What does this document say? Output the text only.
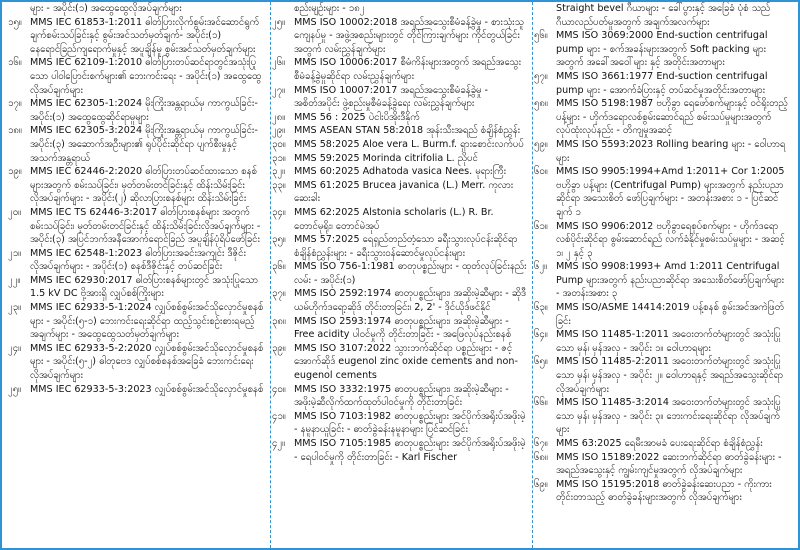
များ - အပိုင်း(၁) အထွေထွေလိုအပ်ချက်များ
၁၅။ MMS IEC 61853-1:2011 ဓါတ်ပြားလိုက်စွမ်းအင်ဆောင်ရွက်ချက်စမ်းသပ်ခြင်းနှင့် စွမ်းအင်သတ်မှတ်ချက်- အပိုင်း(၁) နေရောင်ခြည်ကျရောက်မှုနှင့် အပူချိန်မူ စွမ်းအင်သတ်မှတ်ချက်များ
၁၆။ MMS IEC 62109-1:2010 ဓါတ်ပြားတပ်ဆင်ရာတွင်အသုံးပြုသော ပါဝါပြောင်းစက်များ၏ ဘေးကင်းရေး - အပိုင်း(၁) အထွေထွေလိုအပ်ချက်များ
၁၇။ MMS IEC 62305-1:2024 မိုးကြိုးအန္တရာယ်မှ ကာကွယ်ခြင်း- အပိုင်း(၁) အထွေထွေဆိုင်ရာမူများ
၁၈။ MMS IEC 62305-3:2024 မိုးကြိုးအန္တရာယ်မှ ကာကွယ်ခြင်း- အပိုင်း(၃) အဆောက်အဦးများ၏ ရုပ်ပိုင်းဆိုင်ရာ ပျက်စီးမှုနှင့် အသက်အန္တရာယ်
၁၉။ MMS IEC 62446-2:2020 ဓါတ်ပြားတပ်ဆင်ထားသော စနစ်များအတွက် စမ်းသပ်ခြင်း၊ မှတ်တမ်းတင်ခြင်းနှင့် ထိန်းသိမ်းခြင်းလိုအပ်ချက်များ - အပိုင်း(၂) ဆိုလာပြားစနစ်များ ထိန်းသိမ်းခြင်း
၂၀။ MMS IEC TS 62446-3:2017 ဓါတ်ပြားစနစ်များ အတွက် စမ်းသပ်ခြင်း၊ မှတ်တမ်းတင်ခြင်းနှင့် ထိန်းသိမ်းခြင်းလိုအပ်ချက်များ - အပိုင်း(၃) အပြင်ဘက်အနီအောက်ရောင်ခြည် အပူချိန်ပုံရိပ်ဖော်ခြင်း
၂၁။ MMS IEC 62548-1:2023 ဓါတ်ပြားအခင်းအကျင်း ဒီဇိုင်းလိုအပ်ချက်များ - အပိုင်း(၁) စနစ်ဒီဇိုင်းနှင့် တပ်ဆင်ခြင်း
၂၂။	MMS IEC 62930:2017 ဓါတ်ပြားစနစ်များတွင် အသုံးပြုသော 1.5 kV DC ဗို့အားရှိ လျှပ်စစ်ကြိုးများ
၂၃။ MMS IEC 62933-5-1:2024 လျှပ်စစ်စွမ်းအင်သိုလှောင်မှုစနစ်များ - အပိုင်း(၅-၁) ဘေးကင်းရေးဆိုင်ရာ ထည့်သွင်းစဉ်းစားရမည့်အချက်များ - အထွေထွေသတ်မှတ်ချက်များ
၂၄။ MMS IEC 62933-5-2:2020 လျှပ်စစ်စွမ်းအင်သိုလှောင်မှုစနစ်များ - အပိုင်း(၅-၂) ဓါတုဗေဒ လျှပ်စစ်စနစ်အခြေခံ ဘေးကင်းရေးလိုအပ်ချက်များ
၂၅။ MMS IEC 62933-5-3:2023 လျှပ်စစ်စွမ်းအင်သိုလှောင်မှုစနစ်
စည်းမျဉ်းများ - ၁၈၂
၂၅။ MMS ISO 10002:2018 အရည်အသွေးစီမံခန့်ခွဲမှု - စားသုံးသူ ကျေနပ်မှု - အဖွဲ့အစည်းများတွင် တိုင်ကြားချက်များ ကိုင်တွယ်ခြင်းအတွက် လမ်းညွှန်ချက်များ
၂၆။ MMS ISO 10006:2017 စီမံကိန်းများအတွက် အရည်အသွေး စီမံခန့်ခွဲမှုဆိုင်ရာ လမ်းညွှန်ချက်များ
၂၇။ MMS ISO 10007:2017 အရည်အသွေးစီမံခန့်ခွဲမှု - အစိတ်အပိုင်း ဖွဲ့စည်းမှုစီမံခန့်ခွဲရေး လမ်းညွှန်ချက်များ
၂၈။ MMS 56 : 2025 ပဲငါးပိအိုးဒီနိုက်
၂၉။ MMS ASEAN STAN 58:2018 အုန်းသီးအရည် စံချိန်စံညွှန်း
၃၀။ MMS 58:2025 Aloe vera L. Burm.f. ရှားစောင်းလက်ပပ်
၃၁။ MMS 59:2025 Morinda citrifolia L. ညိုပင်
၃၂။ MMS 60:2025 Adhatoda vasica Nees. မုရားကြီး
၃၃။ MMS 61:2025 Brucea javanica (L.) Merr. ကုလားဆေးခါး
၃၄။ MMS 62:2025 Alstonia scholaris (L.) R. Br. တောင်မုရိုး၊ တောင်မဲအုပ်
၃၅။ MMS 57:2025 ရေရှည်တည်တံ့သော ခရီးသွားလုပ်ငန်းဆိုင်ရာ စံချိန်စံညွှန်းများ - ခရီးသွားဝန်ဆောင်မှုလုပ်ငန်းများ
၃၆။ MMS ISO 756-1:1981 ဓာတုပစ္စည်းများ - ထုတ်လုပ်ခြင်းနည်းလမ်း - အပိုင်း(၁)
၃၇။ MMS ISO 2592:1974 ဓာတုပစ္စည်းများ၊ အဆိုးမဲ့ဆီများ - ဆိုဒီယမ်ဟိုက်ဒရော့ဆိုဒ် တိုင်းတာခြင်း၊ 2, 2' - ဒိုင်ယိုဒ်ဖင်နိုင်
၃၈။ MMS ISO 2593:1974 ဓာတုပစ္စည်းများ၊ အဆိုးမဲ့ဆီများ - Free acidity ပါဝင်မှုကို တိုင်းတာခြင်း - အဖြေလုပ်နည်းစနစ်
၃၉။ MMS ISO 3107:2022 သွားဘက်ဆိုင်ရာ ပစ္စည်းများ - ဇင့်အောက်ဆိုဒ် eugenol zinc oxide cements and non-eugenol cements
၄၀။ MMS ISO 3332:1975 ဓာတုပစ္စည်းများ၊ အဆိုးမဲ့ဆီများ - အဖိုးမဲ့ဆီလိုက်ထက်ထုတ်ပါဝင်မှုကို တိုင်းတာခြင်း
၄၁။ MMS ISO 7103:1982 ဓာတုပစ္စည်းများ အင်ပိုက်အရိုးပ်အဖိုးမဲ့ - နမူနာယူခြင်း - ဓာတ်ခွဲခန်းနမူနာများ ပြင်ဆင်ခြင်း
၄၂။ MMS ISO 7105:1985 ဓာတုပစ္စည်းများ အင်ပိုက်အရိုးပ်အဖိုးမဲ့ - ရေပါဝင်မှုကို တိုင်းတာခြင်း - Karl Fischer
Straight bevel ဂီယာများ - ခေါ်ပွားနှင့် အခြေခံ ပုံစံ သည် ဂီယာလည်ပတ်မှုအတွက် အချက်အလက်များ
၅၆။ MMS ISO 3069:2000 End-suction centrifugal pump များ - စက်အခန်းများအတွက် Soft packing များ အတွက် အခေါ်အဝေါ်များ နှင့် အတိုင်းအတာများ
၅၇။ MMS ISO 3661:1977 End-suction centrifugal pump များ - အောက်ခံပြားနှင့် တပ်ဆင်မှုအတိုင်းအတာများ
၅၈။ MMS ISO 5198:1987 ဗဟိုခွာ ရေဖော်စက်များနှင့် ဝင်ရိုးတည့်ပန့်များ - ဟိုက်ဒရောလစ်စွမ်းဆောင်ရည် စမ်းသပ်မှုများအတွက် လုပ်ထုံးလုပ်နည်း - တိကျမှုအဆင့်
၅၉။ MMS ISO 5593:2023 Rolling bearing များ - ဝေါဟာရများ
၆၀။ MMS ISO 9905:1994+Amd 1:2011+ Cor 1:2005 ဗဟိုခွာ ပန့်များ (Centrifugal Pump) များအတွက် နည်းပညာဆိုင်ရာ အသေးစိတ် ဖော်ပြချက်များ - အတန်းအစား ၁ - ပြင်ဆင်ချက် ၁
၆၁။ MMS ISO 9906:2012 ဗဟိုခွာရေစုပ်စက်များ - ဟိုက်ဒရောလစ်ပိုင်းဆိုင်ရာ စွမ်းဆောင်ရည် လက်ခံနိုင်မှုစမ်းသပ်မှုများ - အဆင့် ၁၊ ၂ နှင့် ၃
၆၂။ MMS ISO 9908:1993+ Amd 1:2011 Centrifugal Pump များအတွက် နည်းပညာဆိုင်ရာ အသေးစိတ်ဖော်ပြချက်များ - အတန်းအစား ၃
၆၃။ MMS ISO/ASME 14414:2019 ပန့်စနစ် စွမ်းအင်အကဲဖြတ်ခြင်း
၆၄။ MMS ISO 11485-1:2011 အဝေးတက်တံများတွင် အသုံးပြုသော မှန်၊ မှန်အလှ - အပိုင်း ၁။ ဝေါဟာရများ
၆၅။ MMS ISO 11485-2:2011 အဝေးတက်တံများတွင် အသုံးပြုသော မှန်၊ မှန်အလှ - အပိုင်း ၂။ ဝေါဟာရနှင့် အရည်အသွေးဆိုင်ရာ လိုအပ်ချက်များ
၆၆။ MMS ISO 11485-3:2014 အဝေးတက်တံများတွင် အသုံးပြုသော မှန်၊ မှန်အလှ - အပိုင်း ၃။ ဘေးကင်းရေးဆိုင်ရာ လိုအပ်ချက်များ
၆၇။ MMS 63:2025 ရေမီးအာမခံ ပေးရေးဆိုင်ရာ စံချိန်စံညွှန်း
၆၈။ MMS ISO 15189:2022 ဆေးဘက်ဆိုင်ရာ ဓာတ်ခွဲခန်းများ - အရည်အသွေးနှင့် ကျွမ်းကျင်မှုအတွက် လိုအပ်ချက်များ
၆၉။ MMS ISO 15195:2018 ဓာတ်ခွဲခန်းဆေးပညာ - ကိုးကားတိုင်းတာသည့် ဓာတ်ခွဲခန်းများအတွက် လိုအပ်ချက်များ
